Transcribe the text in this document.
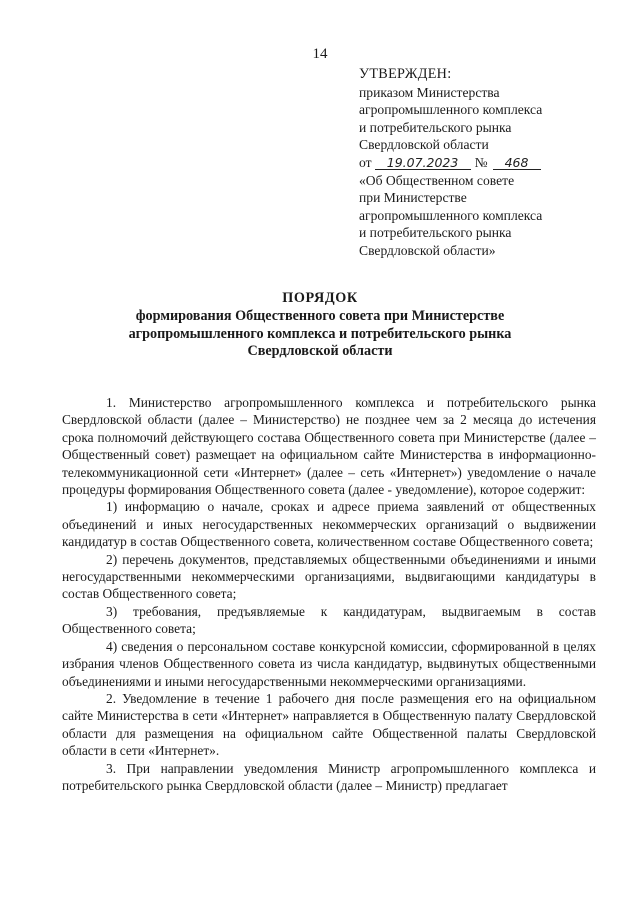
14
УТВЕРЖДЕН:
приказом Министерства
агропромышленного комплекса
и потребительского рынка
Свердловской области
от 19.07.2023 № 468
«Об Общественном совете
при Министерстве
агропромышленного комплекса
и потребительского рынка
Свердловской области»
ПОРЯДОК
формирования Общественного совета при Министерстве
агропромышленного комплекса и потребительского рынка
Свердловской области

1. Министерство агропромышленного комплекса и потребительского рынка Свердловской области (далее – Министерство) не позднее чем за 2 месяца до истечения срока полномочий действующего состава Общественного совета при Министерстве (далее – Общественный совет) размещает на официальном сайте Министерства в информационно-телекоммуникационной сети «Интернет» (далее – сеть «Интернет») уведомление о начале процедуры формирования Общественного совета (далее - уведомление), которое содержит:

1) информацию о начале, сроках и адресе приема заявлений от общественных объединений и иных негосударственных некоммерческих организаций о выдвижении кандидатур в состав Общественного совета, количественном составе Общественного совета;

2) перечень документов, представляемых общественными объединениями и иными негосударственными некоммерческими организациями, выдвигающими кандидатуры в состав Общественного совета;

3) требования, предъявляемые к кандидатурам, выдвигаемым в состав Общественного совета;

4) сведения о персональном составе конкурсной комиссии, сформированной в целях избрания членов Общественного совета из числа кандидатур, выдвинутых общественными объединениями и иными негосударственными некоммерческими организациями.

2. Уведомление в течение 1 рабочего дня после размещения его на официальном сайте Министерства в сети «Интернет» направляется в Общественную палату Свердловской области для размещения на официальном сайте Общественной палаты Свердловской области в сети «Интернет».

3. При направлении уведомления Министр агропромышленного комплекса и потребительского рынка Свердловской области (далее – Министр) предлагает
